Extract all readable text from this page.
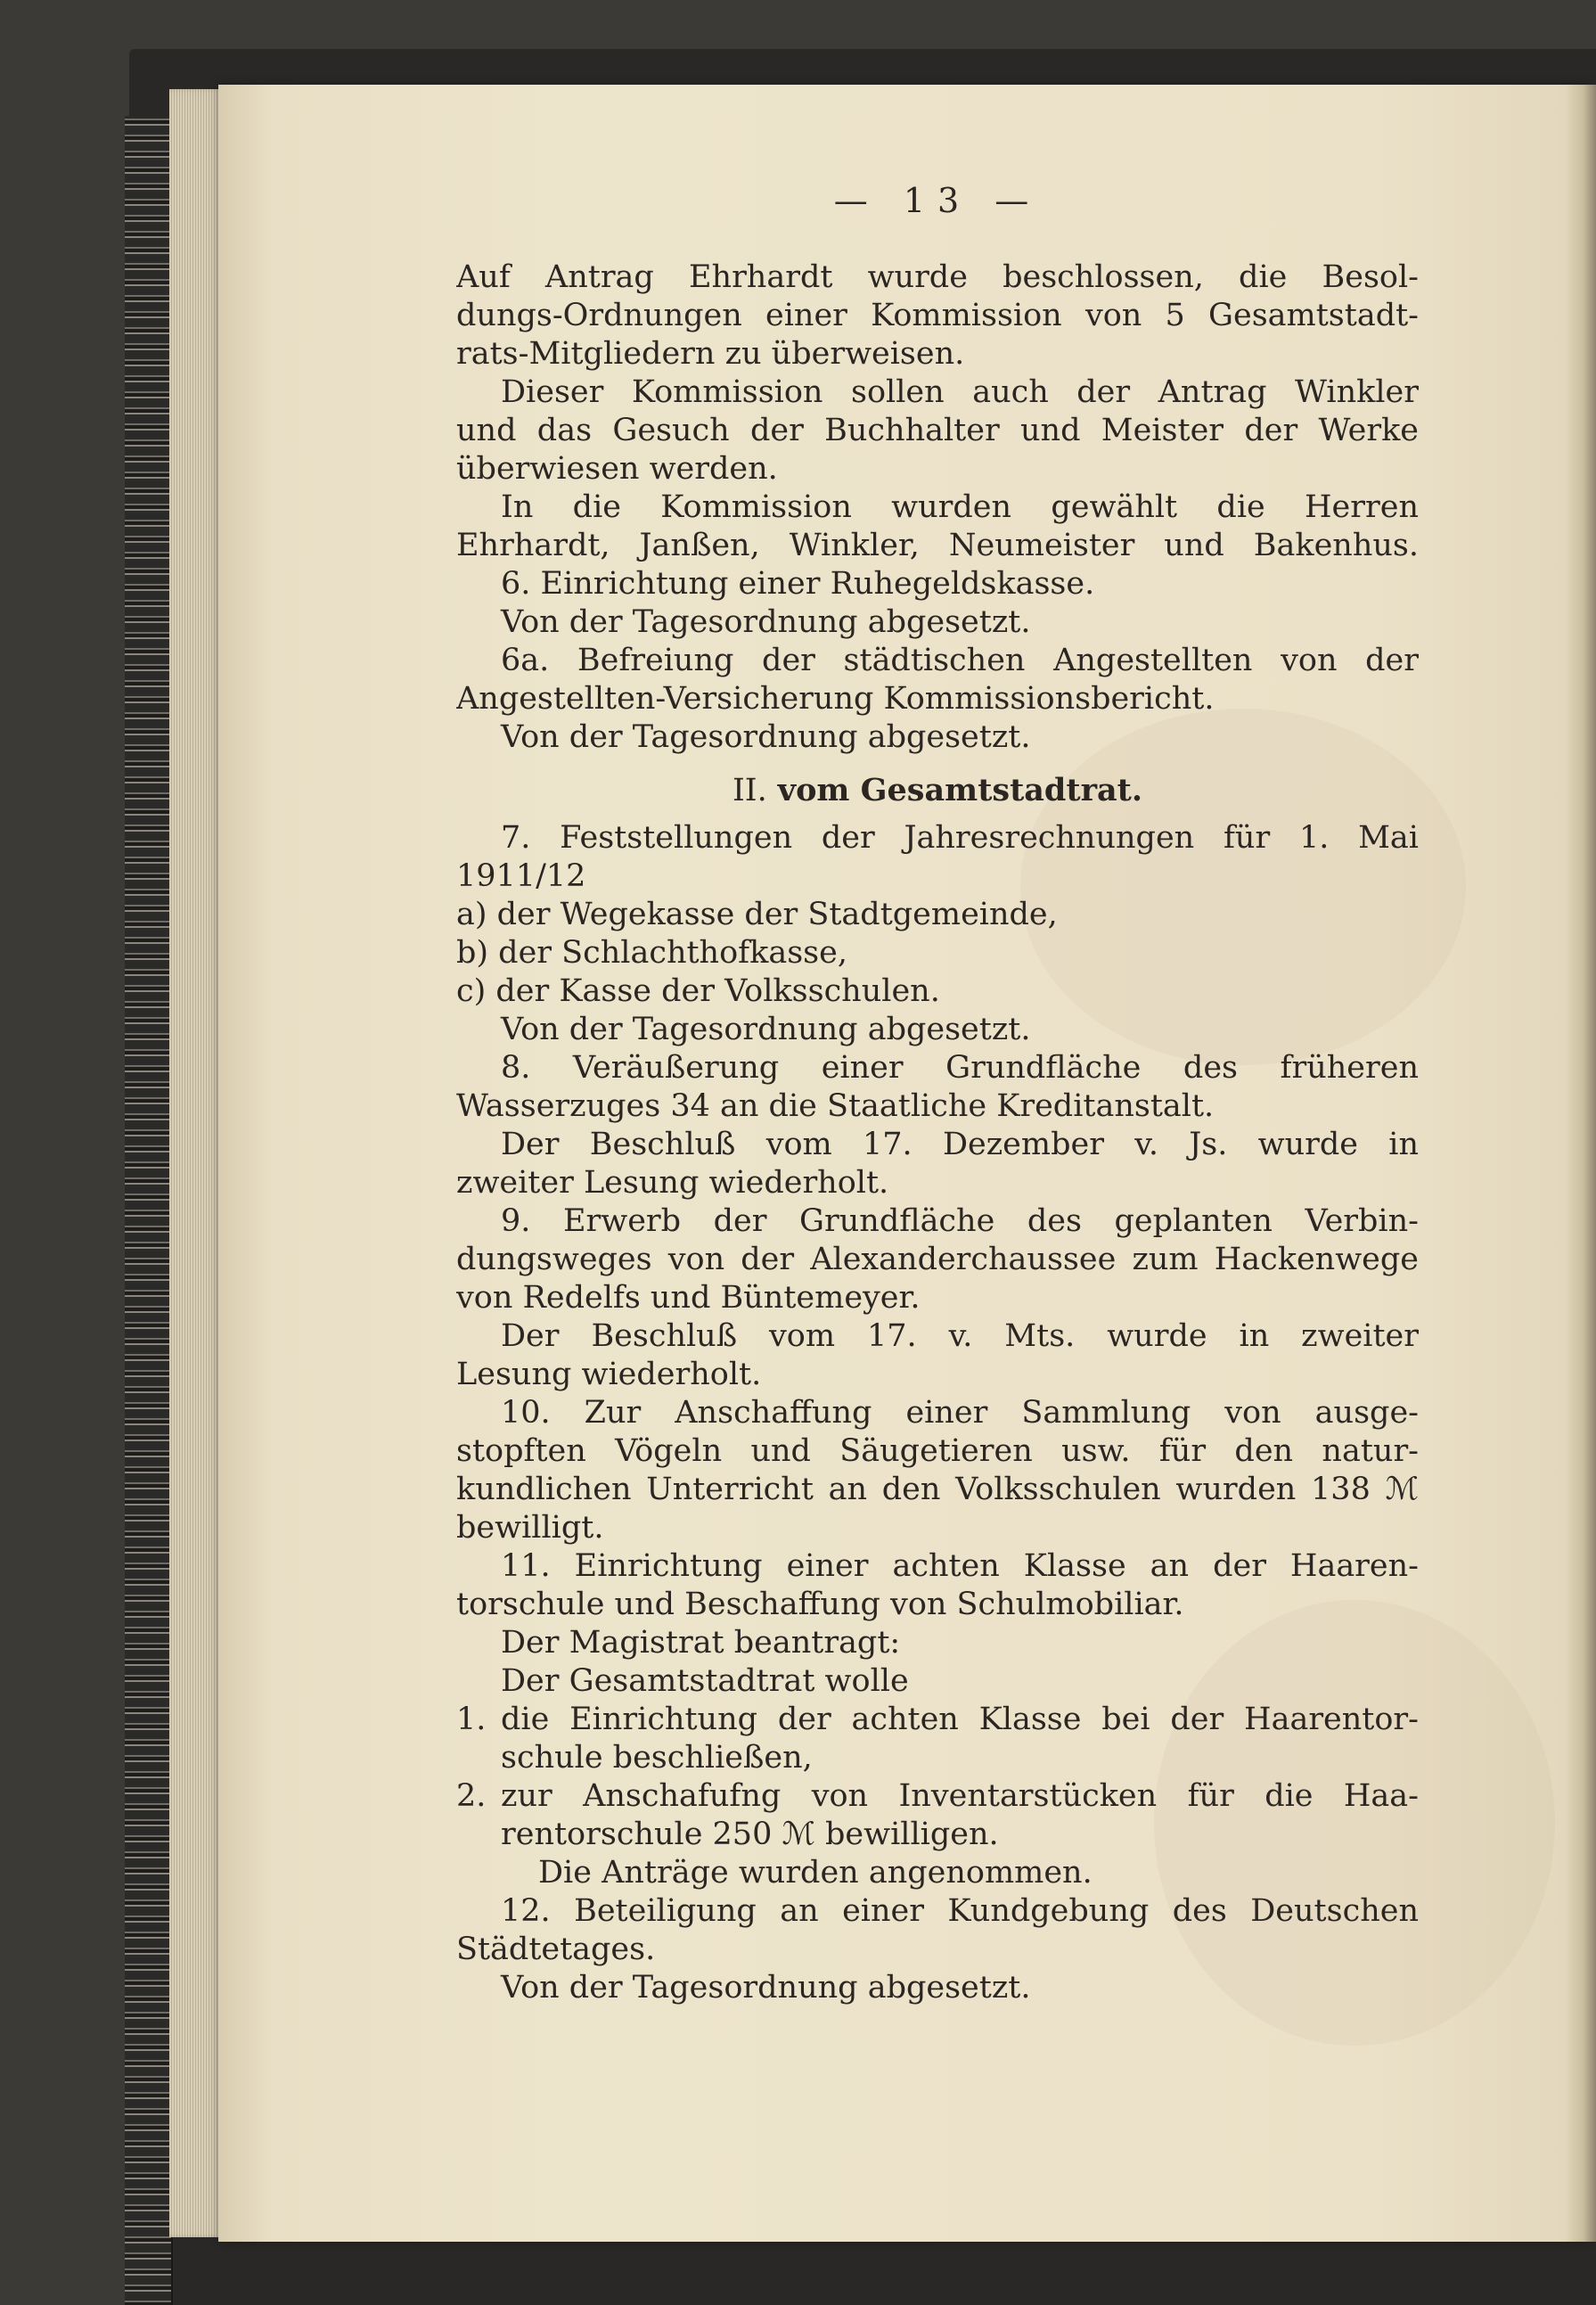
— 13 —
Auf Antrag Ehrhardt wurde beschlossen, die Besol-
dungs-Ordnungen einer Kommission von 5 Gesamtstadt-
rats-Mitgliedern zu überweisen.
Dieser Kommission sollen auch der Antrag Winkler
und das Gesuch der Buchhalter und Meister der Werke
überwiesen werden.
In die Kommission wurden gewählt die Herren
Ehrhardt, Janßen, Winkler, Neumeister und Bakenhus.
6. Einrichtung einer Ruhegeldskasse.
Von der Tagesordnung abgesetzt.
6a. Befreiung der städtischen Angestellten von der
Angestellten-Versicherung Kommissionsbericht.
Von der Tagesordnung abgesetzt.
II. vom Gesamtstadtrat.
7. Feststellungen der Jahresrechnungen für 1. Mai
1911/12
a) der Wegekasse der Stadtgemeinde,
b) der Schlachthofkasse,
c) der Kasse der Volksschulen.
Von der Tagesordnung abgesetzt.
8. Veräußerung einer Grundfläche des früheren
Wasserzuges 34 an die Staatliche Kreditanstalt.
Der Beschluß vom 17. Dezember v. Js. wurde in
zweiter Lesung wiederholt.
9. Erwerb der Grundfläche des geplanten Verbin-
dungsweges von der Alexanderchaussee zum Hackenwege
von Redelfs und Büntemeyer.
Der Beschluß vom 17. v. Mts. wurde in zweiter
Lesung wiederholt.
10. Zur Anschaffung einer Sammlung von ausge-
stopften Vögeln und Säugetieren usw. für den natur-
kundlichen Unterricht an den Volksschulen wurden 138 ℳ
bewilligt.
11. Einrichtung einer achten Klasse an der Haaren-
torschule und Beschaffung von Schulmobiliar.
Der Magistrat beantragt:
Der Gesamtstadtrat wolle
1. die Einrichtung der achten Klasse bei der Haarentor-
schule beschließen,
2. zur Anschafufng von Inventarstücken für die Haa-
rentorschule 250 ℳ bewilligen.
Die Anträge wurden angenommen.
12. Beteiligung an einer Kundgebung des Deutschen
Städtetages.
Von der Tagesordnung abgesetzt.
